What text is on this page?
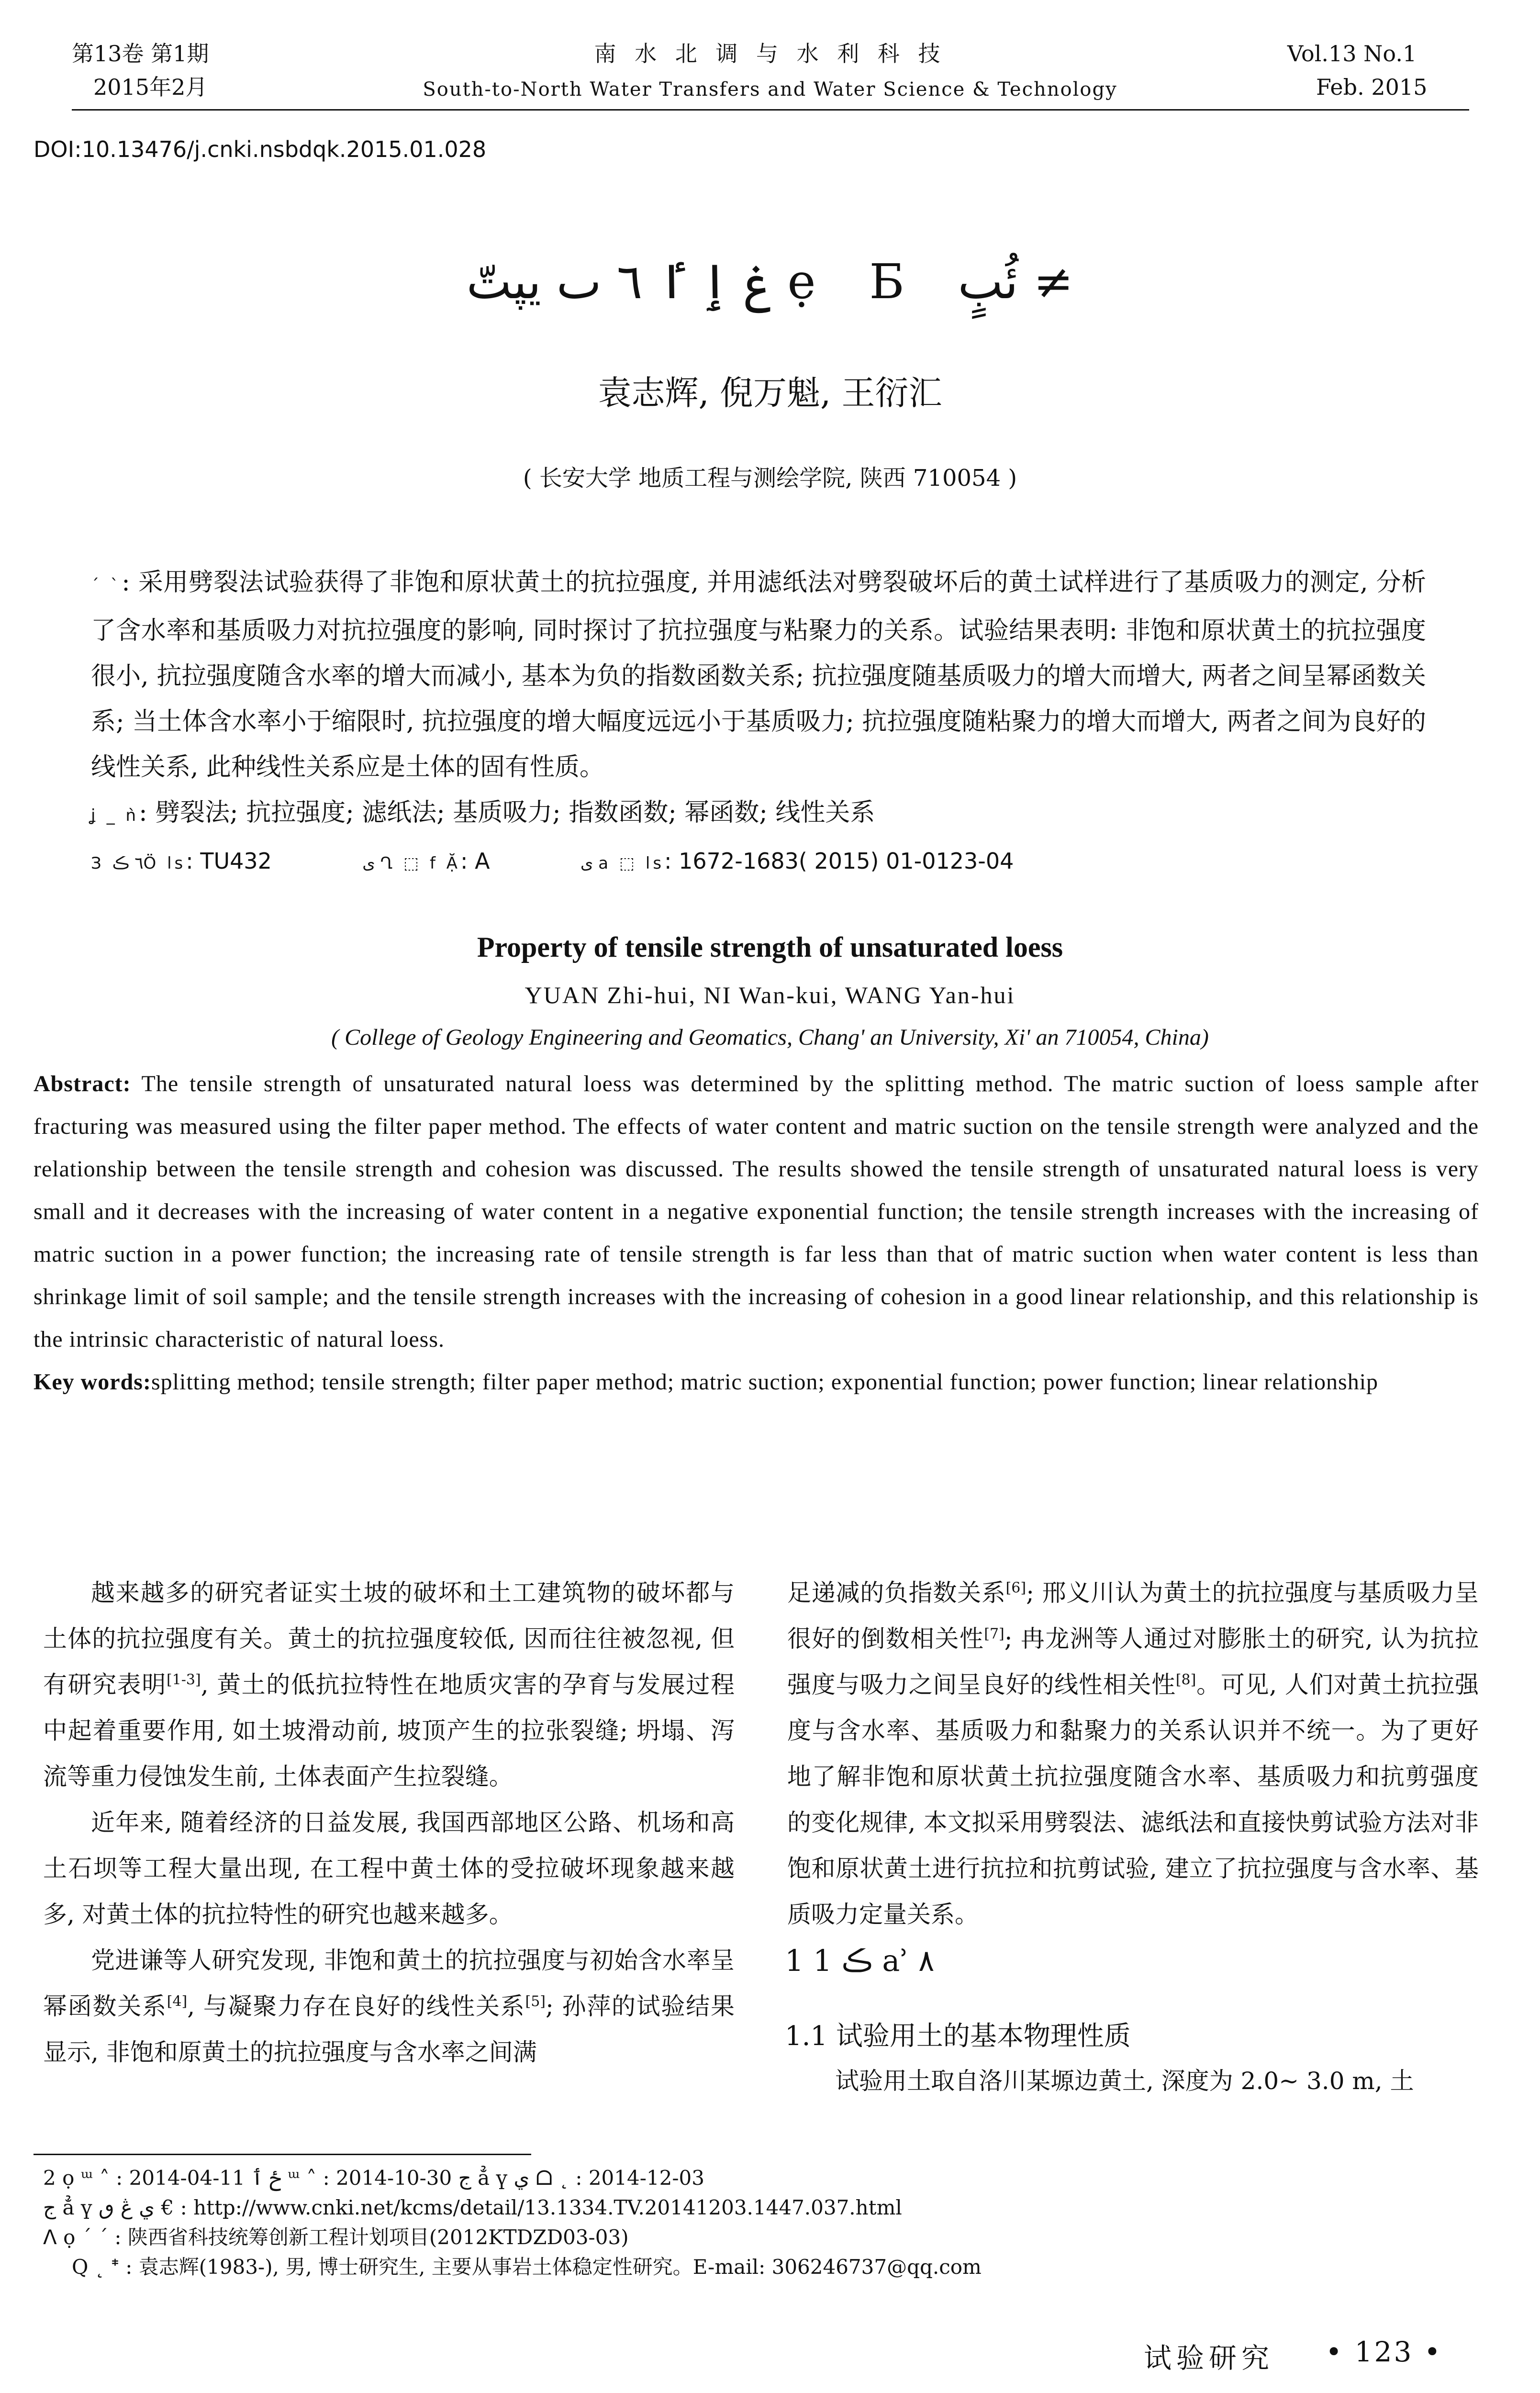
第13卷 第1期
2015年2月
南 水 北 调 与 水 利 科 技
South-to-North Water Transfers and Water Science & Technology
Vol.13 No.1
Feb. 2015
DOI:10.13476/j.cnki.nsbdqk.2015.01.028
غ ٳ ٵ ٦ ٮ يپتّ ẹ Б ئُبٍ ≠
袁志辉, 倪万魁, 王衍汇
( 长安大学 地质工程与测绘学院, 陕西 710054 )

ˊ ˋ: 采用劈裂法试验获得了非饱和原状黄土的抗拉强度, 并用滤纸法对劈裂破坏后的黄土试样进行了基质吸力的测定, 分析了含水率和基质吸力对抗拉强度的影响, 同时探讨了抗拉强度与粘聚力的关系。试验结果表明: 非饱和原状黄土的抗拉强度很小, 抗拉强度随含水率的增大而减小, 基本为负的指数函数关系; 抗拉强度随基质吸力的增大而增大, 两者之间呈幂函数关系; 当土体含水率小于缩限时, 抗拉强度的增大幅度远远小于基质吸力; 抗拉强度随粘聚力的增大而增大, 两者之间为良好的线性关系, 此种线性关系应是土体的固有性质。

ʝ _ ǹ: 劈裂法; 抗拉强度; 滤纸法; 基质吸力; 指数函数; 幂函数; 线性关系

З ٦ ڪÖ ls: TU432	ی Ղ ⬚ f Ặ: A	ی a ⬚ ls: 1672-1683( 2015) 01-0123-04

Property of tensile strength of unsaturated loess
YUAN Zhi-hui, NI Wan-kui, WANG Yan-hui
( College of Geology Engineering and Geomatics, Chang' an University, Xi' an 710054, China)

Abstract: The tensile strength of unsaturated natural loess was determined by the splitting method. The matric suction of loess sample after fracturing was measured using the filter paper method. The effects of water content and matric suction on the tensile strength were analyzed and the relationship between the tensile strength and cohesion was discussed. The results showed the tensile strength of unsaturated natural loess is very small and it decreases with the increasing of water content in a negative exponential function; the tensile strength increases with the increasing of matric suction in a power function; the increasing rate of tensile strength is far less than that of matric suction when water content is less than shrinkage limit of soil sample; and the tensile strength increases with the increasing of cohesion in a good linear relationship, and this relationship is the intrinsic characteristic of natural loess.

Key words:splitting method; tensile strength; filter paper method; matric suction; exponential function; power function; linear relationship

越来越多的研究者证实土坡的破坏和土工建筑物的破坏都与土体的抗拉强度有关。黄土的抗拉强度较低, 因而往往被忽视, 但有研究表明[1-3], 黄土的低抗拉特性在地质灾害的孕育与发展过程中起着重要作用, 如土坡滑动前, 坡顶产生的拉张裂缝; 坍塌、泻流等重力侵蚀发生前, 土体表面产生拉裂缝。

近年来, 随着经济的日益发展, 我国西部地区公路、机场和高土石坝等工程大量出现, 在工程中黄土体的受拉破坏现象越来越多, 对黄土体的抗拉特性的研究也越来越多。

党进谦等人研究发现, 非饱和黄土的抗拉强度与初始含水率呈幂函数关系[4], 与凝聚力存在良好的线性关系[5]; 孙萍的试验结果显示, 非饱和原黄土的抗拉强度与含水率之间满

足递减的负指数关系[6]; 邢义川认为黄土的抗拉强度与基质吸力呈很好的倒数相关性[7]; 冉龙洲等人通过对膨胀土的研究, 认为抗拉强度与吸力之间呈良好的线性相关性[8]。可见, 人们对黄土抗拉强度与含水率、基质吸力和黏聚力的关系认识并不统一。为了更好地了解非饱和原状黄土抗拉强度随含水率、基质吸力和抗剪强度的变化规律, 本文拟采用劈裂法、滤纸法和直接快剪试验方法对非饱和原状黄土进行抗拉和抗剪试验, 建立了抗拉强度与含水率、基质吸力定量关系。

1 1 ڪ ẚ ٨
1.1 试验用土的基本物理性质

试验用土取自洛川某塬边黄土, 深度为 2.0~ 3.0 m, 土

2 ọ ᵚ ˄ : 2014-04-11 ځ ٲ ᵚ ˄ : 2014-10-30 ج ẳ ү ي ᗝ ˛ : 2014-12-03
ج ẳ ү ي ڠ ٯ € : http://www.cnki.net/kcms/detail/13.1334.TV.20141203.1447.037.html
ᐱ ọ ˊ ˊ : 陕西省科技统筹创新工程计划项目(2012KTDZD03-03)
Q ˛ ᙿ : 袁志辉(1983-), 男, 博士研究生, 主要从事岩土体稳定性研究。E-mail: 306246737@qq.com
试验研究 • 123 •
